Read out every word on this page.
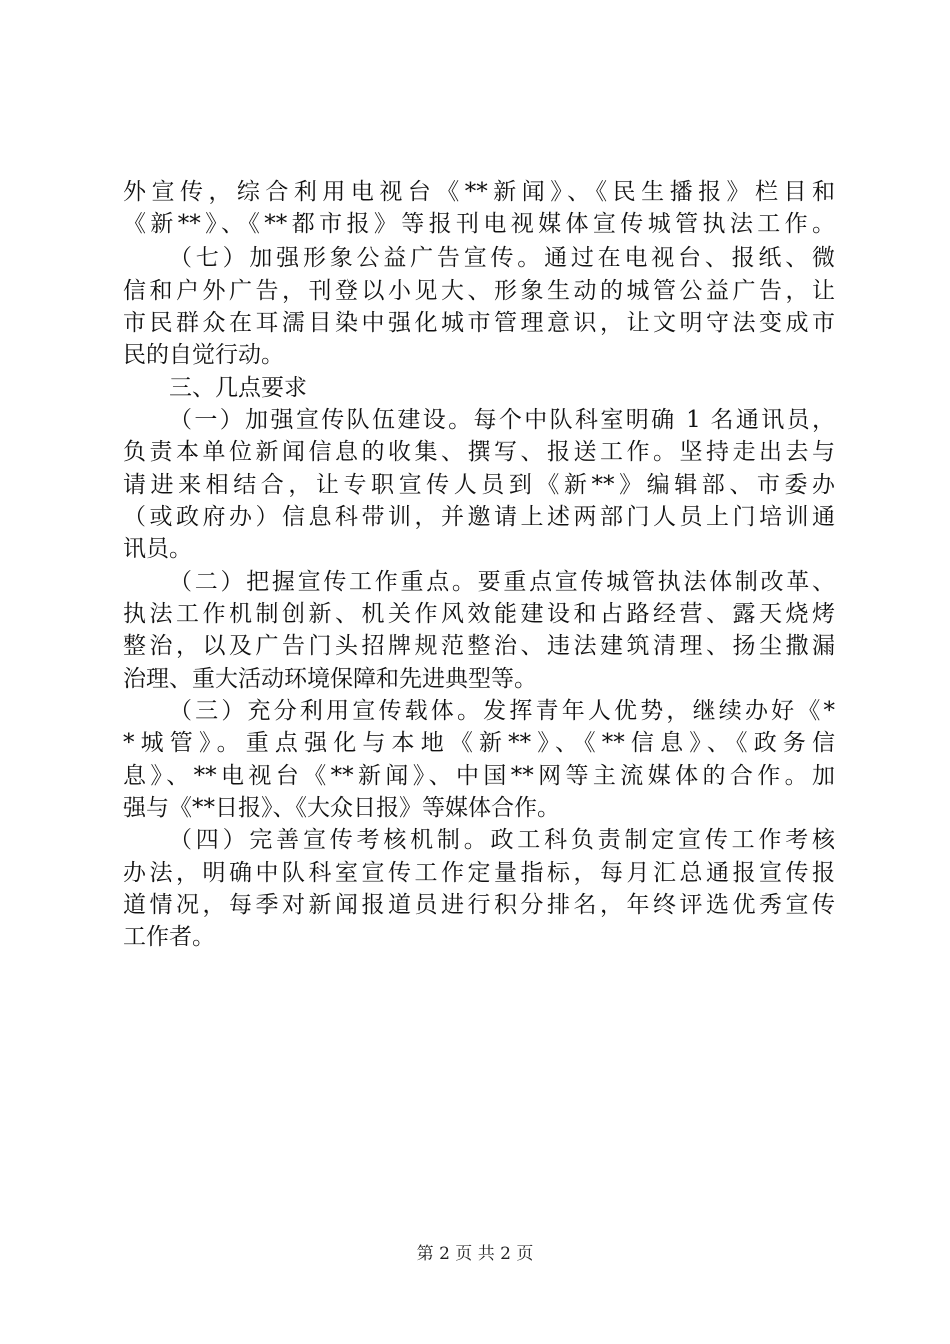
外宣传，综合利用电视台《**新闻》、《民生播报》栏目和
《新**》、《**都市报》等报刊电视媒体宣传城管执法工作。
（七）加强形象公益广告宣传。通过在电视台、报纸、微
信和户外广告，刊登以小见大、形象生动的城管公益广告，让
市民群众在耳濡目染中强化城市管理意识，让文明守法变成市
民的自觉行动。
三、几点要求
（一）加强宣传队伍建设。每个中队科室明确 1 名通讯员，
负责本单位新闻信息的收集、撰写、报送工作。坚持走出去与
请进来相结合，让专职宣传人员到《新**》编辑部、市委办
（或政府办）信息科带训，并邀请上述两部门人员上门培训通
讯员。
（二）把握宣传工作重点。要重点宣传城管执法体制改革、
执法工作机制创新、机关作风效能建设和占路经营、露天烧烤
整治，以及广告门头招牌规范整治、违法建筑清理、扬尘撒漏
治理、重大活动环境保障和先进典型等。
（三）充分利用宣传载体。发挥青年人优势，继续办好《*
*城管》。重点强化与本地《新**》、《**信息》、《政务信
息》、**电视台《**新闻》、中国**网等主流媒体的合作。加
强与《**日报》、《大众日报》等媒体合作。
（四）完善宣传考核机制。政工科负责制定宣传工作考核
办法，明确中队科室宣传工作定量指标，每月汇总通报宣传报
道情况，每季对新闻报道员进行积分排名，年终评选优秀宣传
工作者。
第 2 页 共 2 页
